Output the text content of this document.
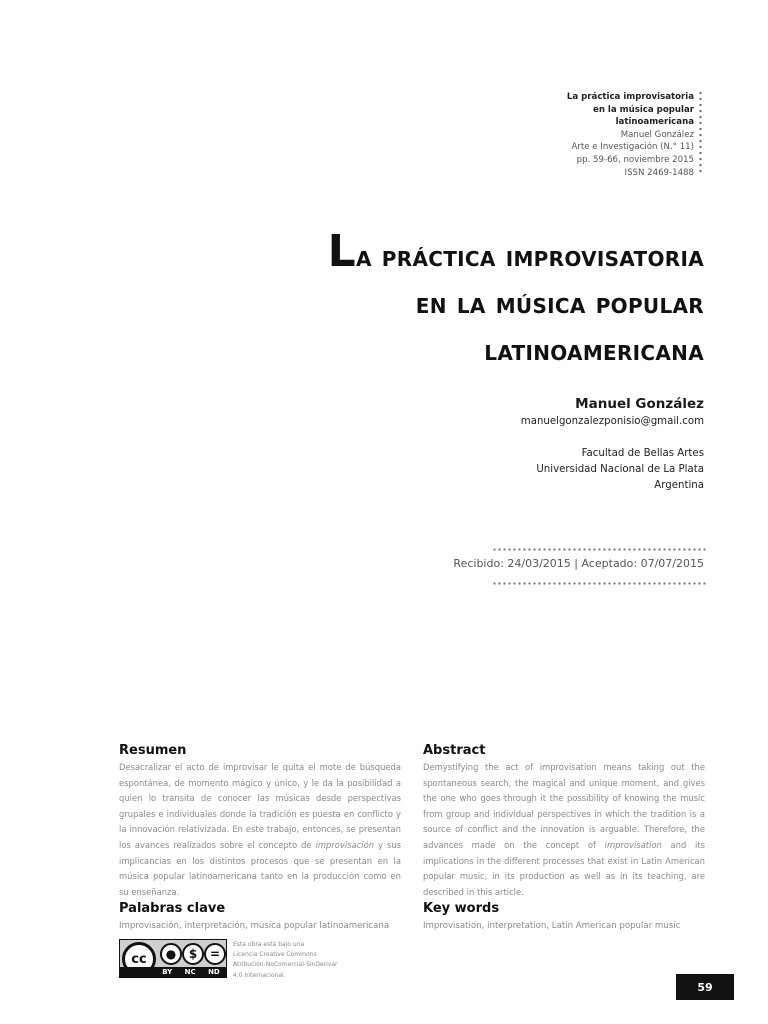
La práctica improvisatoria
en la música popular
latinoamericana
Manuel González
Arte e Investigación (N.° 11)
pp. 59-66, noviembre 2015
ISSN 2469-1488
La práctica improvisatoria
en la música popular
latinoamericana
Manuel González
manuelgonzalezponisio@gmail.com
Facultad de Bellas Artes
Universidad Nacional de La Plata
Argentina
Recibido: 24/03/2015 | Aceptado: 07/07/2015
Resumen
Desacralizar el acto de improvisar le quita el mote de búsqueda espontánea, de momento mágico y único, y le da la posibilidad a quien lo transita de conocer las músicas desde perspectivas grupales e individuales donde la tradición es puesta en conflicto y la innovación relativizada. En este trabajo, entonces, se presentan los avances realizados sobre el concepto de improvisación y sus implicancias en los distintos procesos que se presentan en la música popular latinoamericana tanto en la producción como en su enseñanza.
Abstract
Demystifying the act of improvisation means taking out the spontaneous search, the magical and unique moment, and gives the one who goes through it the possibility of knowing the music from group and individual perspectives in which the tradition is a source of conflict and the innovation is arguable. Therefore, the advances made on the concept of improvisation and its implications in the different processes that exist in Latin American popular music, in its production as well as in its teaching, are described in this article.
Palabras clave
Improvisación, interpretación, música popular latinoamericana
Key words
Improvisation, interpretation, Latin American popular music
cc	●	$	=
BY NC ND
Esta obra está bajo una
Licencia Creative Commons
Atribución-NoComercial-SinDerivar
4.0 Internacional.
59
